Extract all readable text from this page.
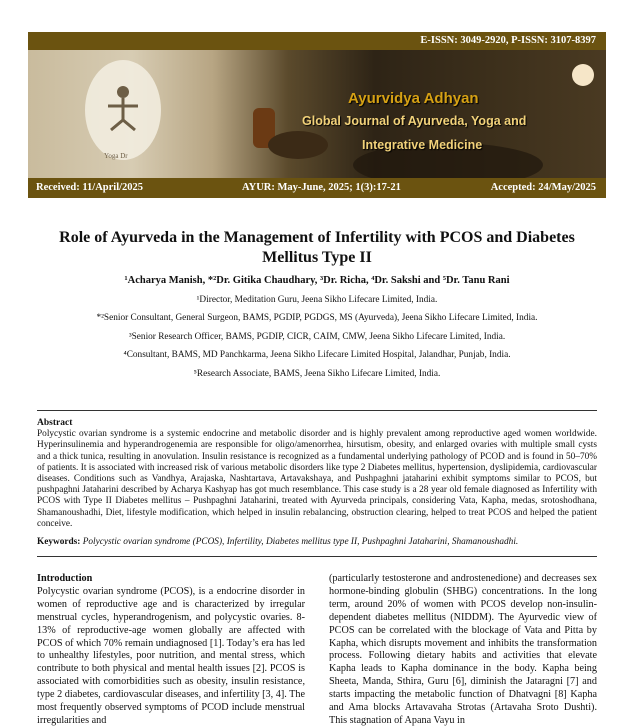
E-ISSN: 3049-2920, P-ISSN: 3107-8397
Ayurvidya Adhyan
Global Journal of Ayurveda, Yoga and
Integrative Medicine
Yoga Dr
Received: 11/April/2025	AYUR: May-June, 2025; 1(3):17-21	Accepted: 24/May/2025
Role of Ayurveda in the Management of Infertility with PCOS and Diabetes
Mellitus Type II
¹Acharya Manish, *²Dr. Gitika Chaudhary, ³Dr. Richa, ⁴Dr. Sakshi and ⁵Dr. Tanu Rani
¹Director, Meditation Guru, Jeena Sikho Lifecare Limited, India.
*²Senior Consultant, General Surgeon, BAMS, PGDIP, PGDGS, MS (Ayurveda), Jeena Sikho Lifecare Limited, India.
³Senior Research Officer, BAMS, PGDIP, CICR, CAIM, CMW, Jeena Sikho Lifecare Limited, India.
⁴Consultant, BAMS, MD Panchkarma, Jeena Sikho Lifecare Limited Hospital, Jalandhar, Punjab, India.
⁵Research Associate, BAMS, Jeena Sikho Lifecare Limited, India.
Abstract
Polycystic ovarian syndrome is a systemic endocrine and metabolic disorder and is highly prevalent among reproductive aged women worldwide. Hyperinsulinemia and hyperandrogenemia are responsible for oligo/amenorrhea, hirsutism, obesity, and enlarged ovaries with multiple small cysts and a thick tunica, resulting in anovulation. Insulin resistance is recognized as a fundamental underlying pathology of PCOD and is found in 50–70% of patients. It is associated with increased risk of various metabolic disorders like type 2 Diabetes mellitus, hypertension, dyslipidemia, cardiovascular diseases. Conditions such as Vandhya, Arajaska, Nashtartava, Artavakshaya, and Pushpaghni jataharini exhibit symptoms similar to PCOS, but pushpaghni Jataharini described by Acharya Kashyap has got much resemblance. This case study is a 28 year old female diagnosed as Infertility with PCOS with Type II Diabetes mellitus – Pushpaghni Jataharini, treated with Ayurveda principals, considering Vata, Kapha, medas, srotoshodhana, Shamanoushadhi, Diet, lifestyle modification, which helped in insulin rebalancing, obstruction clearing, helped to treat PCOS and helped the patient conceive.
Keywords: Polycystic ovarian syndrome (PCOS), Infertility, Diabetes mellitus type II, Pushpaghni Jataharini, Shamanoushadhi.
Introduction
Polycystic ovarian syndrome (PCOS), is a endocrine disorder in women of reproductive age and is characterized by irregular menstrual cycles, hyperandrogenism, and polycystic ovaries. 8-13% of reproductive-age women globally are affected with PCOS of which 70% remain undiagnosed [1]. Today’s era has led to unhealthy lifestyles, poor nutrition, and mental stress, which contribute to both physical and mental health issues [2]. PCOS is associated with comorbidities such as obesity, insulin resistance, type 2 diabetes, cardiovascular diseases, and infertility [3, 4]. The most frequently observed symptoms of PCOD include menstrual irregularities and
(particularly testosterone and androstenedione) and decreases sex hormone-binding globulin (SHBG) concentrations. In the long term, around 20% of women with PCOS develop non-insulin-dependent diabetes mellitus (NIDDM). The Ayurvedic view of PCOS can be correlated with the blockage of Vata and Pitta by Kapha, which disrupts movement and inhibits the transformation process. Following dietary habits and activities that elevate Kapha leads to Kapha dominance in the body. Kapha being Sheeta, Manda, Sthira, Guru [6], diminish the Jataragni [7] and starts impacting the metabolic function of Dhatvagni [8] Kapha and Ama blocks Artavavaha Strotas (Artavaha Sroto Dushti). This stagnation of Apana Vayu in
